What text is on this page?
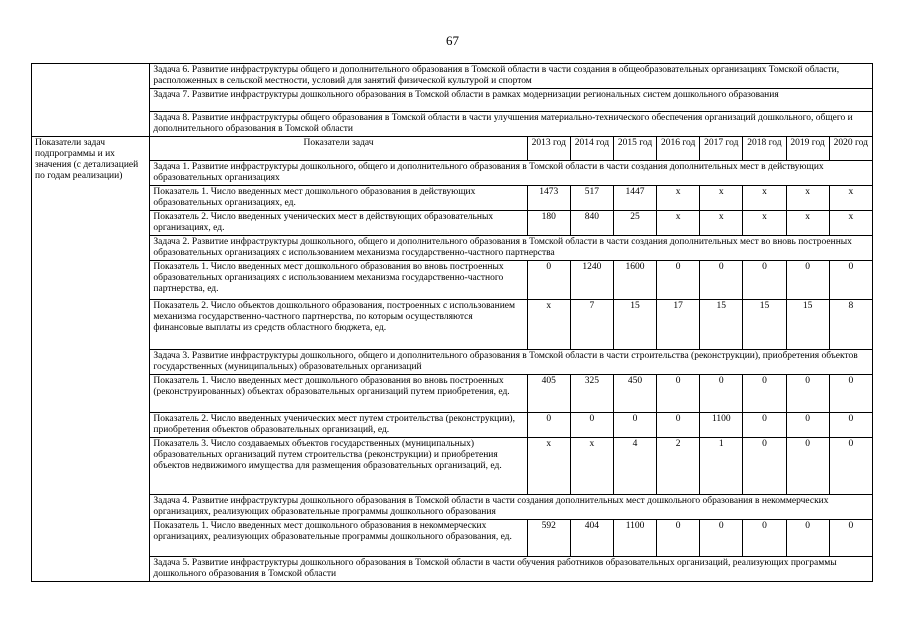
67
	Задача 6. Развитие инфраструктуры общего и дополнительного образования в Томской области в части создания в общеобразовательных организациях Томской области, расположенных в сельской местности, условий для занятий физической культурой и спортом								
	Задача 7. Развитие инфраструктуры дошкольного образования в Томской области в рамках модернизации региональных систем дошкольного образования								
	Задача 8. Развитие инфраструктуры общего образования в Томской области в части улучшения материально-технического обеспечения организаций дошкольного, общего и дополнительного образования в Томской области								
Показатели задач подпрограммы и их значения (с детализацией по годам реализации)	Показатели задач	2013 год	2014 год	2015 год	2016 год	2017 год	2018 год	2019 год	2020 год
	Задача 1. Развитие инфраструктуры дошкольного, общего и дополнительного образования в Томской области в части создания дополнительных мест в действующих образовательных организациях								
	Показатель 1. Число введенных мест дошкольного образования в действующих образовательных организациях, ед.	1473	517	1447	х	х	х	х	х
	Показатель 2. Число введенных ученических мест в действующих образовательных организациях, ед.	180	840	25	х	х	х	х	х
	Задача 2. Развитие инфраструктуры дошкольного, общего и дополнительного образования в Томской области в части создания дополнительных мест во вновь построенных образовательных организациях с использованием механизма государственно-частного партнерства								
	Показатель 1. Число введенных мест дошкольного образования во вновь построенных образовательных организациях с использованием механизма государственно-частного партнерства, ед.	0	1240	1600	0	0	0	0	0
	Показатель 2. Число объектов дошкольного образования, построенных с использованием механизма государственно-частного партнерства, по которым осуществляются финансовые выплаты из средств областного бюджета, ед.	х	7	15	17	15	15	15	8
	Задача 3. Развитие инфраструктуры дошкольного, общего и дополнительного образования в Томской области в части строительства (реконструкции), приобретения объектов государственных (муниципальных) образовательных организаций								
	Показатель 1. Число введенных мест дошкольного образования во вновь построенных (реконструированных) объектах образовательных организаций путем приобретения, ед.	405	325	450	0	0	0	0	0
	Показатель 2. Число введенных ученических мест путем строительства (реконструкции), приобретения объектов образовательных организаций, ед.	0	0	0	0	1100	0	0	0
	Показатель 3. Число создаваемых объектов государственных (муниципальных) образовательных организаций путем строительства (реконструкции) и приобретения объектов недвижимого имущества для размещения образовательных организаций, ед.	х	х	4	2	1	0	0	0
	Задача 4. Развитие инфраструктуры дошкольного образования в Томской области в части создания дополнительных мест дошкольного образования в некоммерческих организациях, реализующих образовательные программы дошкольного образования								
	Показатель 1. Число введенных мест дошкольного образования в некоммерческих организациях, реализующих образовательные программы дошкольного образования, ед.	592	404	1100	0	0	0	0	0
	Задача 5. Развитие инфраструктуры дошкольного образования в Томской области в части обучения работников образовательных организаций, реализующих программы дошкольного образования в Томской области								
